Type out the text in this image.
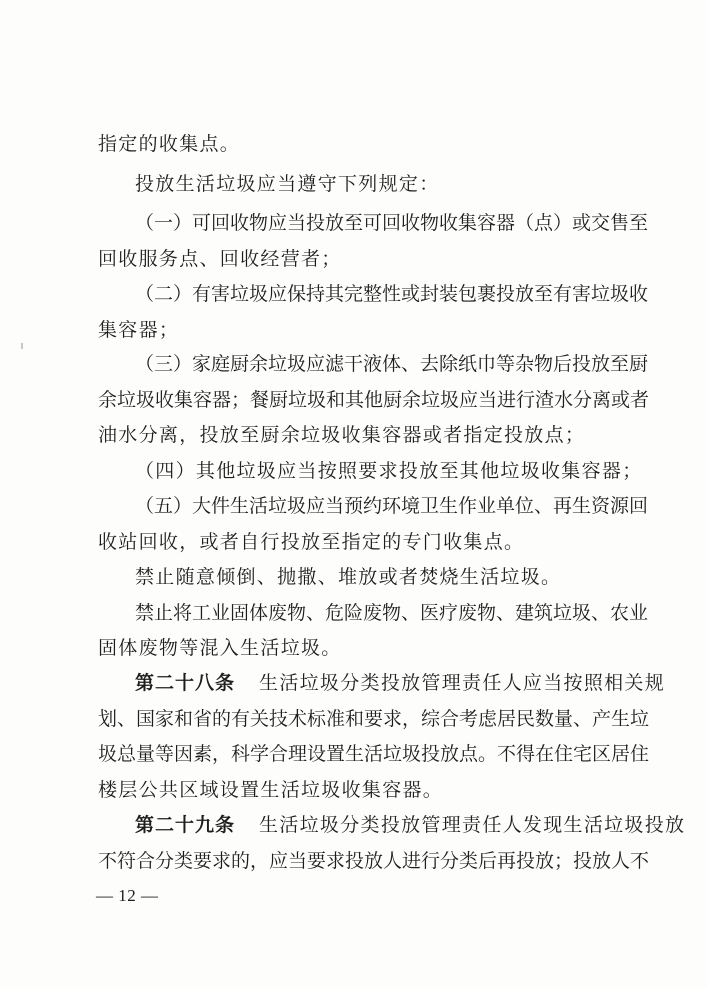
指定的收集点。
投放生活垃圾应当遵守下列规定：
（一）可回收物应当投放至可回收物收集容器（点）或交售至
回收服务点、回收经营者；
（二）有害垃圾应保持其完整性或封装包裹投放至有害垃圾收
集容器；
（三）家庭厨余垃圾应滤干液体、去除纸巾等杂物后投放至厨
余垃圾收集容器；餐厨垃圾和其他厨余垃圾应当进行渣水分离或者
油水分离，投放至厨余垃圾收集容器或者指定投放点；
（四）其他垃圾应当按照要求投放至其他垃圾收集容器；
（五）大件生活垃圾应当预约环境卫生作业单位、再生资源回
收站回收，或者自行投放至指定的专门收集点。
禁止随意倾倒、抛撒、堆放或者焚烧生活垃圾。
禁止将工业固体废物、危险废物、医疗废物、建筑垃圾、农业
固体废物等混入生活垃圾。
第二十八条 生活垃圾分类投放管理责任人应当按照相关规
划、国家和省的有关技术标准和要求，综合考虑居民数量、产生垃
圾总量等因素，科学合理设置生活垃圾投放点。不得在住宅区居住
楼层公共区域设置生活垃圾收集容器。
第二十九条 生活垃圾分类投放管理责任人发现生活垃圾投放
不符合分类要求的，应当要求投放人进行分类后再投放；投放人不
— 12 —
